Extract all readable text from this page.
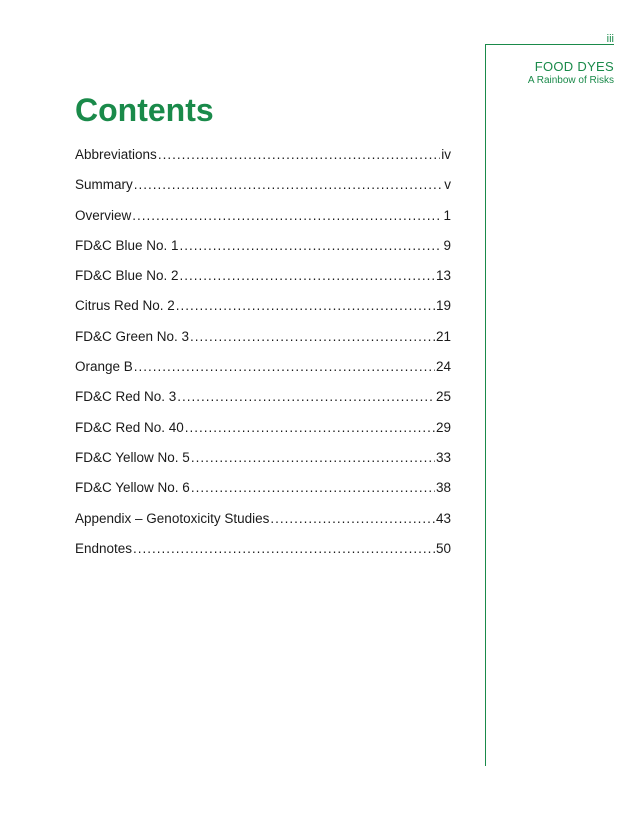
iii
FOOD DYES
A Rainbow of Risks
Contents
Abbreviations .....	iv
Summary .....	v
Overview .....	1
FD&C Blue No. 1 .....	9
FD&C Blue No. 2 .....	13
Citrus Red No. 2 .....	19
FD&C Green No. 3 .....	21
Orange B .....	24
FD&C Red No. 3 .....	25
FD&C Red No. 40 .....	29
FD&C Yellow No. 5 .....	33
FD&C Yellow No. 6 .....	38
Appendix – Genotoxicity Studies .....	43
Endnotes .....	50
